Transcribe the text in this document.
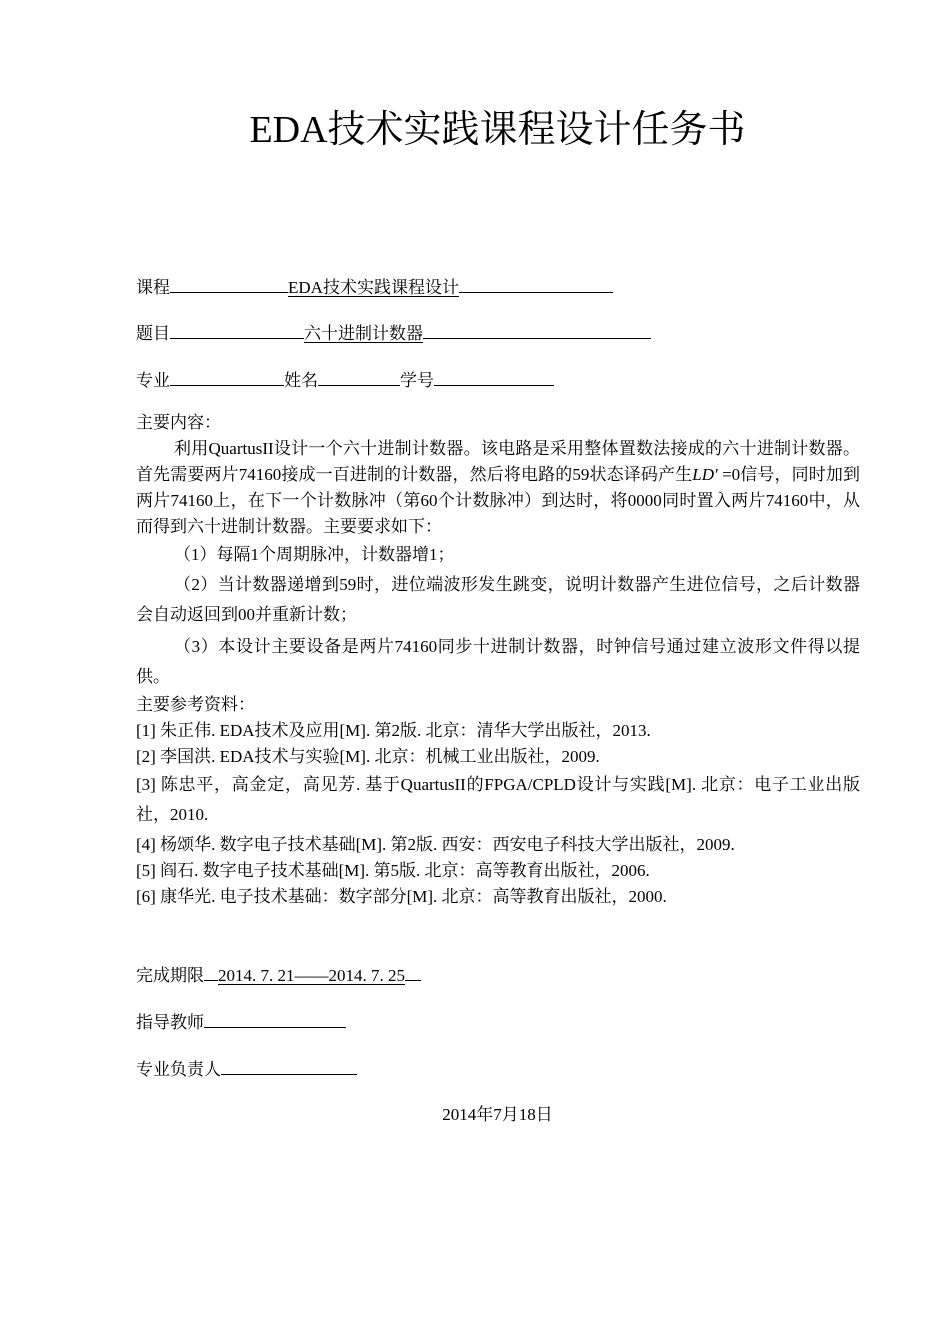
EDA技术实践课程设计任务书
课程	EDA技术实践课程设计
题目	六十进制计数器
专业	姓名	学号

主要内容：

利用QuartusII设计一个六十进制计数器。该电路是采用整体置数法接成的六十进制计数器。首先需要两片74160接成一百进制的计数器，然后将电路的59状态译码产生LD′ =0信号，同时加到两片74160上，在下一个计数脉冲（第60个计数脉冲）到达时，将0000同时置入两片74160中，从而得到六十进制计数器。主要要求如下：

（1）每隔1个周期脉冲，计数器增1；

（2）当计数器递增到59时，进位端波形发生跳变，说明计数器产生进位信号，之后计数器会自动返回到00并重新计数；

（3）本设计主要设备是两片74160同步十进制计数器，时钟信号通过建立波形文件得以提供。

主要参考资料：
[1] 朱正伟. EDA技术及应用[M]. 第2版. 北京：清华大学出版社，2013.
[2] 李国洪. EDA技术与实验[M]. 北京：机械工业出版社，2009.
[3] 陈忠平，高金定，高见芳. 基于QuartusII的FPGA/CPLD设计与实践[M]. 北京：电子工业出版社，2010.
[4] 杨颂华. 数字电子技术基础[M]. 第2版. 西安：西安电子科技大学出版社，2009.
[5] 阎石. 数字电子技术基础[M]. 第5版. 北京：高等教育出版社，2006.
[6] 康华光. 电子技术基础：数字部分[M]. 北京：高等教育出版社，2000.
完成期限 2014. 7. 21——2014. 7. 25
指导教师
专业负责人
2014年7月18日
